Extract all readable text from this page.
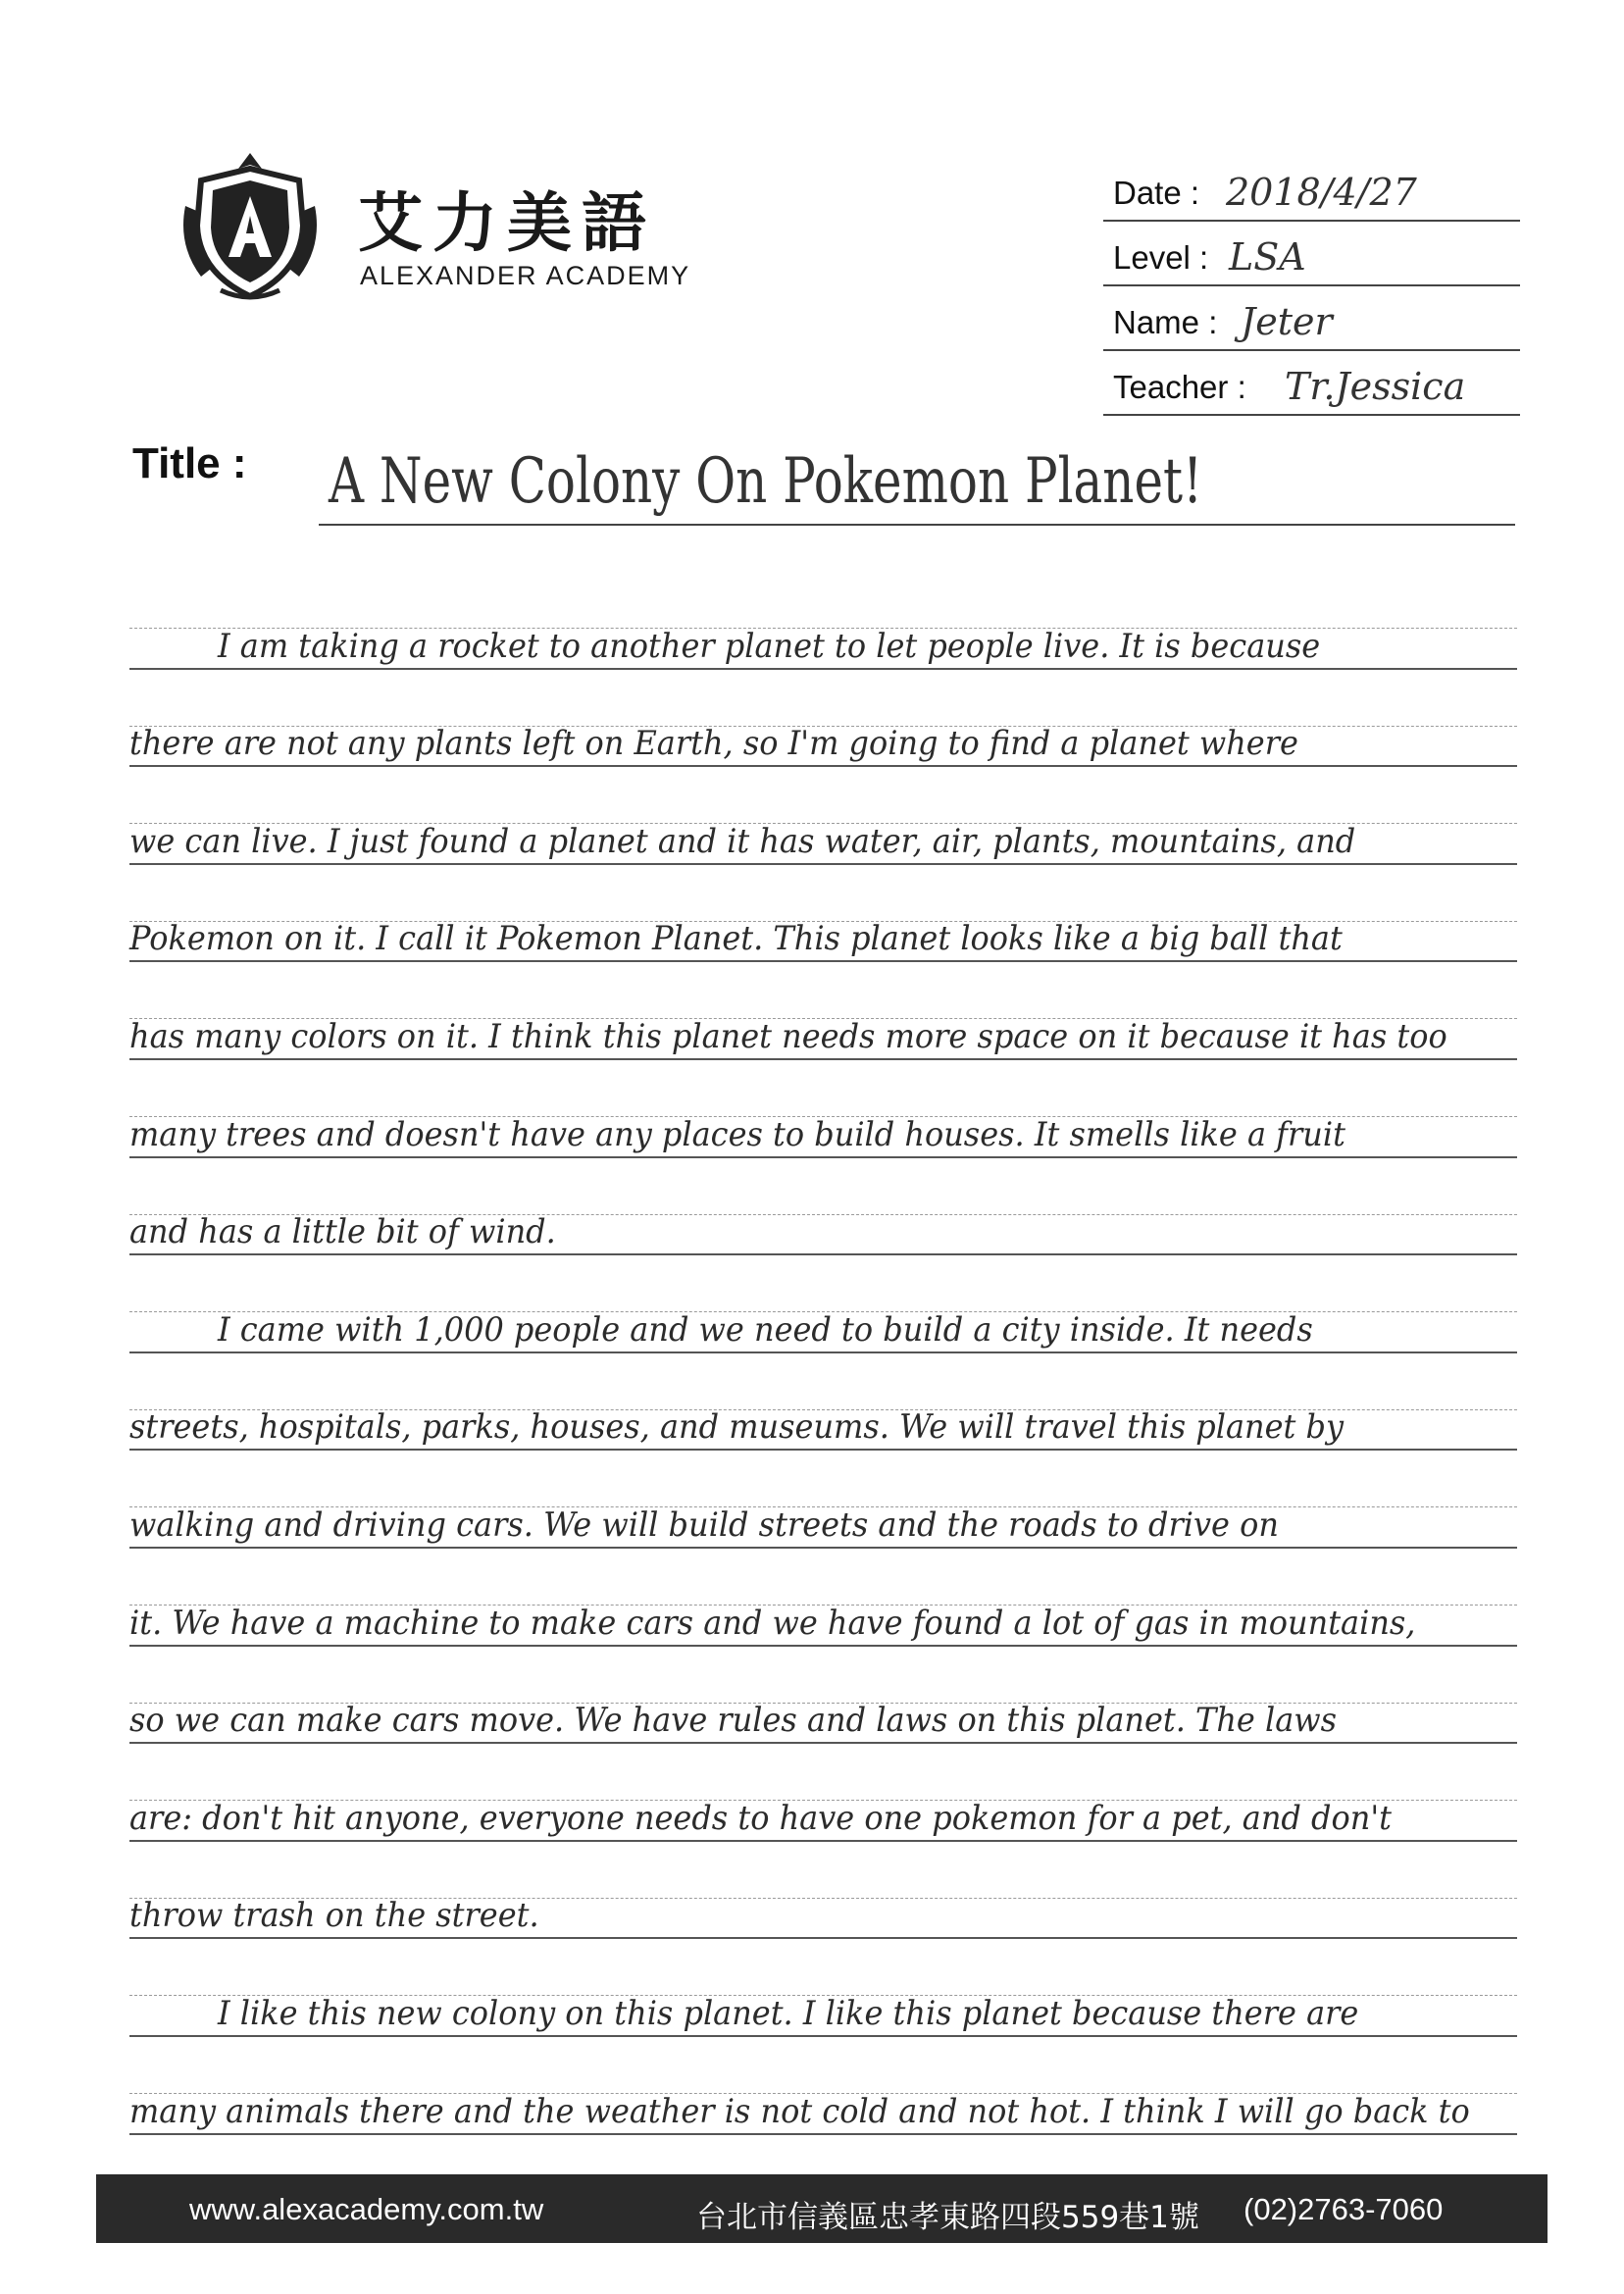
艾力美語
ALEXANDER ACADEMY
Date : 2018/4/27
Level : LSA
Name : Jeter
Teacher : Tr.Jessica
Title : A New Colony On Pokemon Planet!
I am taking a rocket to another planet to let people live. It is because
there are not any plants left on Earth, so I'm going to find a planet where
we can live. I just found a planet and it has water, air, plants, mountains, and
Pokemon on it. I call it Pokemon Planet. This planet looks like a big ball that
has many colors on it. I think this planet needs more space on it because it has too
many trees and doesn't have any places to build houses. It smells like a fruit
and has a little bit of wind.
I came with 1,000 people and we need to build a city inside. It needs
streets, hospitals, parks, houses, and museums. We will travel this planet by
walking and driving cars. We will build streets and the roads to drive on
it. We have a machine to make cars and we have found a lot of gas in mountains,
so we can make cars move. We have rules and laws on this planet. The laws
are: don't hit anyone, everyone needs to have one pokemon for a pet, and don't
throw trash on the street.
I like this new colony on this planet. I like this planet because there are
many animals there and the weather is not cold and not hot. I think I will go back to
www.alexacademy.com.tw	台北市信義區忠孝東路四段559巷1號 (02)2763-7060
